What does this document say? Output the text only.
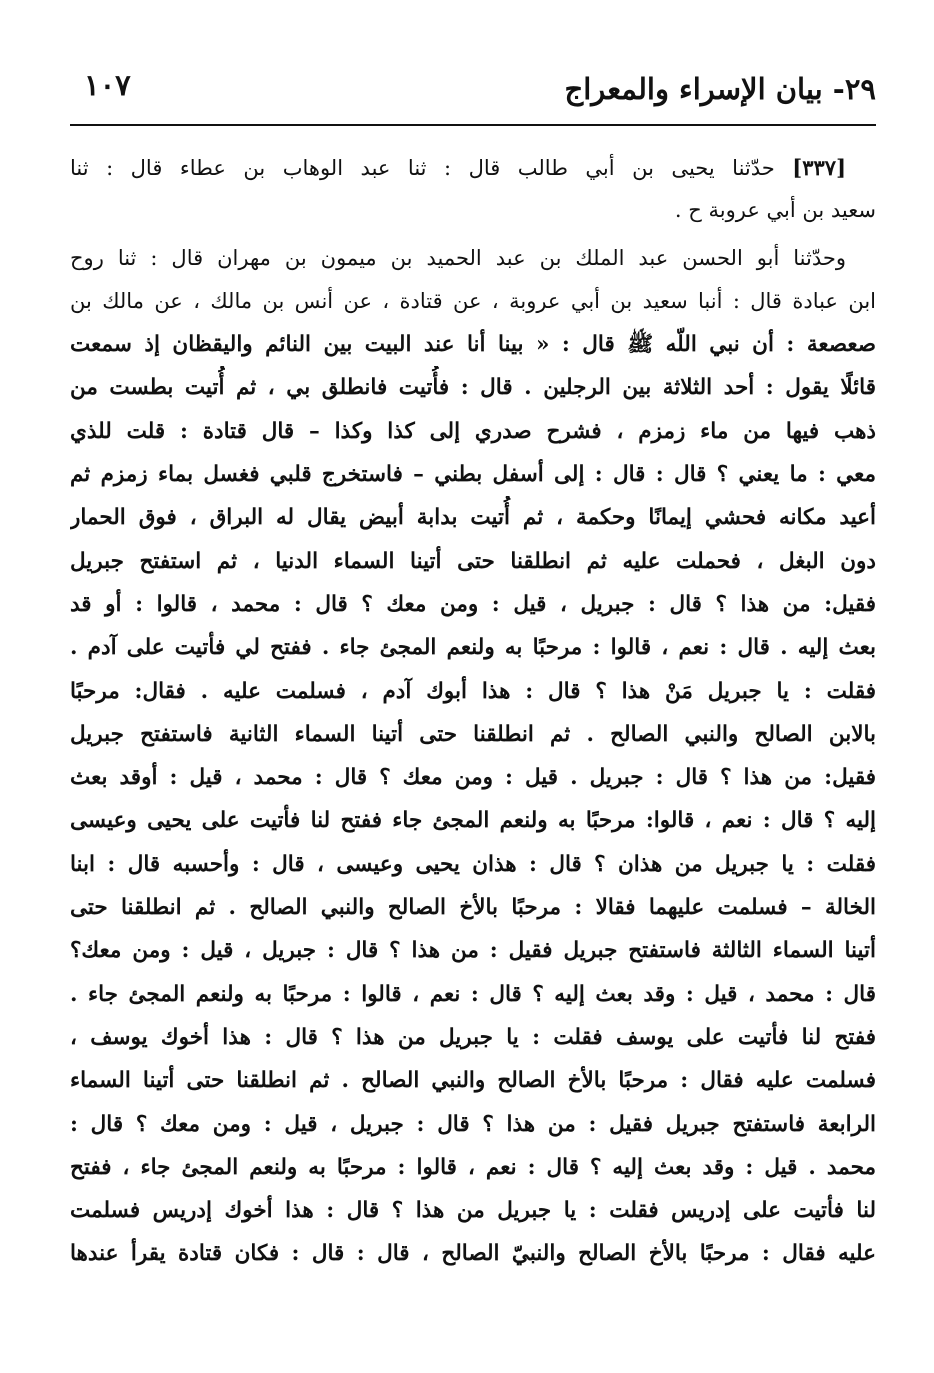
٢٩- بيان الإسراء والمعراج
١٠٧
[٣٣٧] حدّثنا يحيى بن أبي طالب قال : ثنا عبد الوهاب بن عطاء قال : ثنا
سعيد بن أبي عروبة ح .
وحدّثنا أبو الحسن عبد الملك بن عبد الحميد بن ميمون بن مهران قال : ثنا روح
ابن عبادة قال : أنبا سعيد بن أبي عروبة ، عن قتادة ، عن أنس بن مالك ، عن مالك بن
صعصعة : أن نبي اللّه ﷺ قال : « بينا أنا عند البيت بين النائم واليقظان إذ سمعت
قائلًا يقول : أحد الثلاثة بين الرجلين . قال : فأُتيت فانطلق بي ، ثم أُتيت بطست من
ذهب فيها من ماء زمزم ، فشرح صدري إلى كذا وكذا – قال قتادة : قلت للذي
معي : ما يعني ؟ قال : قال : إلى أسفل بطني – فاستخرج قلبي فغسل بماء زمزم ثم
أعيد مكانه فحشي إيمانًا وحكمة ، ثم أُتيت بدابة أبيض يقال له البراق ، فوق الحمار
دون البغل ، فحملت عليه ثم انطلقنا حتى أتينا السماء الدنيا ، ثم استفتح جبريل
فقيل: من هذا ؟ قال : جبريل ، قيل : ومن معك ؟ قال : محمد ، قالوا : أو قد
بعث إليه . قال : نعم ، قالوا : مرحبًا به ولنعم المجئ جاء . ففتح لي فأتيت على آدم .
فقلت : يا جبريل مَنْ هذا ؟ قال : هذا أبوك آدم ، فسلمت عليه . فقال: مرحبًا
بالابن الصالح والنبي الصالح . ثم انطلقنا حتى أتينا السماء الثانية فاستفتح جبريل
فقيل: من هذا ؟ قال : جبريل . قيل : ومن معك ؟ قال : محمد ، قيل : أوقد بعث
إليه ؟ قال : نعم ، قالوا: مرحبًا به ولنعم المجئ جاء ففتح لنا فأتيت على يحيى وعيسى
فقلت : يا جبريل من هذان ؟ قال : هذان يحيى وعيسى ، قال : وأحسبه قال : ابنا
الخالة – فسلمت عليهما فقالا : مرحبًا بالأخ الصالح والنبي الصالح . ثم انطلقنا حتى
أتينا السماء الثالثة فاستفتح جبريل فقيل : من هذا ؟ قال : جبريل ، قيل : ومن معك؟
قال : محمد ، قيل : وقد بعث إليه ؟ قال : نعم ، قالوا : مرحبًا به ولنعم المجئ جاء .
ففتح لنا فأتيت على يوسف فقلت : يا جبريل من هذا ؟ قال : هذا أخوك يوسف ،
فسلمت عليه فقال : مرحبًا بالأخ الصالح والنبي الصالح . ثم انطلقنا حتى أتينا السماء
الرابعة فاستفتح جبريل فقيل : من هذا ؟ قال : جبريل ، قيل : ومن معك ؟ قال :
محمد . قيل : وقد بعث إليه ؟ قال : نعم ، قالوا : مرحبًا به ولنعم المجئ جاء ، ففتح
لنا فأتيت على إدريس فقلت : يا جبريل من هذا ؟ قال : هذا أخوك إدريس فسلمت
عليه فقال : مرحبًا بالأخ الصالح والنبيّ الصالح ، قال : قال : فكان قتادة يقرأ عندها
